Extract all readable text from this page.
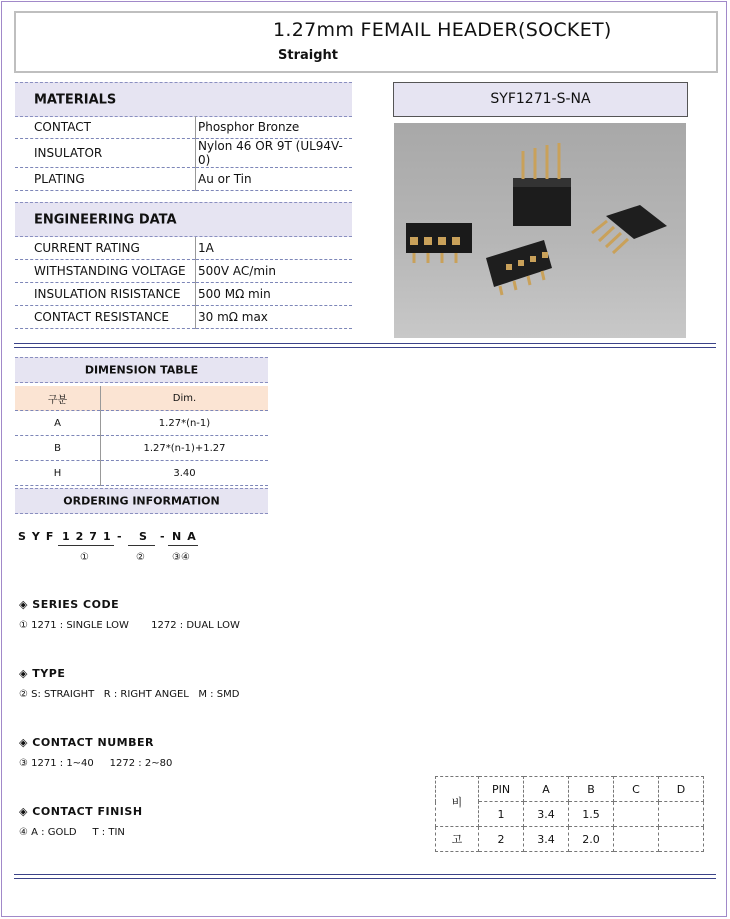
1.27mm FEMAIL HEADER(SOCKET)
Straight
MATERIALS
CONTACT	Phosphor Bronze
INSULATOR	Nylon 46 OR 9T (UL94V-0)
PLATING	Au or Tin
ENGINEERING DATA
CURRENT RATING	1A
WITHSTANDING VOLTAGE	500V AC/min
INSULATION RISISTANCE	500 MΩ min
CONTACT RESISTANCE	30 mΩ max
SYF1271-S-NA
DIMENSION TABLE
구분	Dim.
A	1.27*(n-1)
B	1.27*(n-1)+1.27
H	3.40
ORDERING INFORMATION
SYF 1271 - S - NA
①	②	③④
◈ SERIES CODE
① 1271 : SINGLE LOW       1272 : DUAL LOW
◈ TYPE
② S: STRAIGHT   R : RIGHT ANGEL   M : SMD
◈ CONTACT NUMBER
③ 1271 : 1~40     1272 : 2~80
◈ CONTACT FINISH
④ A : GOLD     T : TIN
비	PIN	A	B	C	D
	1	3.4	1.5		
고	2	3.4	2.0		
